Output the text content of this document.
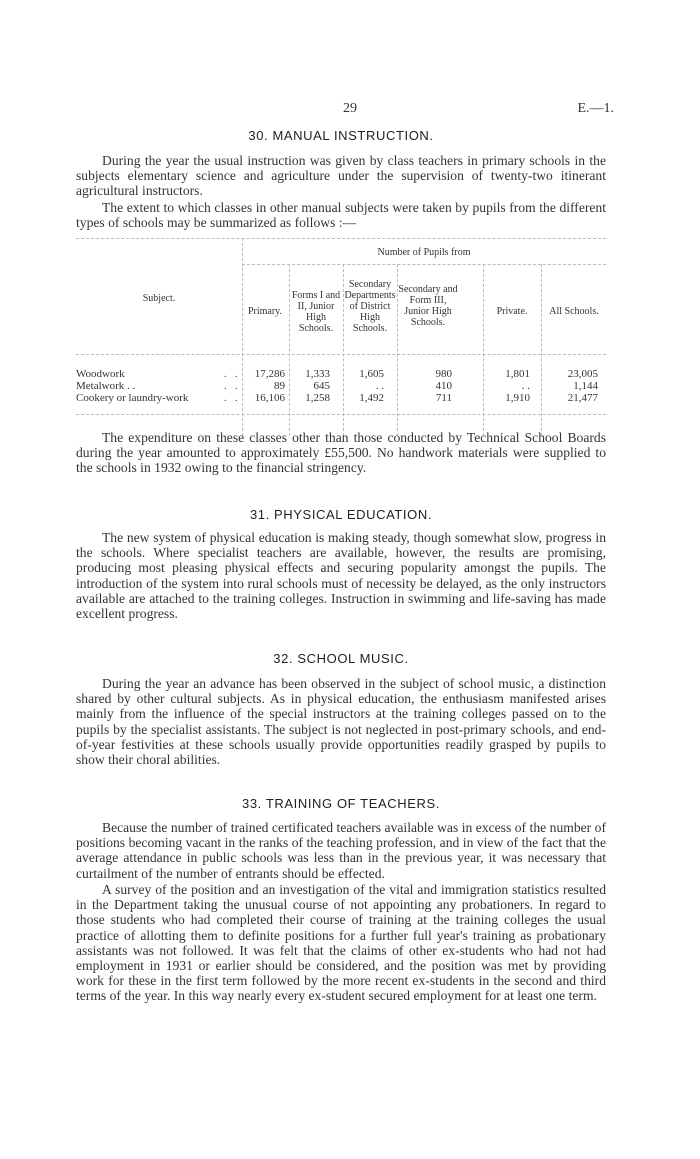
29	E.—1.
30. MANUAL INSTRUCTION.

During the year the usual instruction was given by class teachers in primary schools in the subjects elementary science and agriculture under the supervision of twenty-two itinerant agricultural instructors.

The extent to which classes in other manual subjects were taken by pupils from the different types of schools may be summarized as follows :—

Number of Pupils from
Subject.
Primary.
Forms I and II, Junior High Schools.
Secondary Departments of District High Schools.
Secondary and Form III, Junior High Schools.
Private.	All Schools.
Woodwork	. .	17,286	1,333	1,605	980	1,801	23,005
Metalwork . .	. .	89	645	. .	410	. .	1,144
Cookery or laundry-work	. .	16,106	1,258	1,492	711	1,910	21,477

The expenditure on these classes other than those conducted by Technical School Boards during the year amounted to approximately £55,500. No handwork materials were supplied to the schools in 1932 owing to the financial stringency.

31. PHYSICAL EDUCATION.

The new system of physical education is making steady, though somewhat slow, progress in the schools. Where specialist teachers are available, however, the results are promising, producing most pleasing physical effects and securing popularity amongst the pupils. The introduction of the system into rural schools must of necessity be delayed, as the only instructors available are attached to the training colleges. Instruction in swimming and life-saving has made excellent progress.

32. SCHOOL MUSIC.

During the year an advance has been observed in the subject of school music, a distinction shared by other cultural subjects. As in physical education, the enthusiasm manifested arises mainly from the influence of the special instructors at the training colleges passed on to the pupils by the specialist assistants. The subject is not neglected in post-primary schools, and end-of-year festivities at these schools usually provide opportunities readily grasped by pupils to show their choral abilities.

33. TRAINING OF TEACHERS.

Because the number of trained certificated teachers available was in excess of the number of positions becoming vacant in the ranks of the teaching profession, and in view of the fact that the average attendance in public schools was less than in the previous year, it was necessary that curtailment of the number of entrants should be effected.

A survey of the position and an investigation of the vital and immigration statistics resulted in the Department taking the unusual course of not appointing any probationers. In regard to those students who had completed their course of training at the training colleges the usual practice of allotting them to definite positions for a further full year's training as probationary assistants was not followed. It was felt that the claims of other ex-students who had not had employment in 1931 or earlier should be considered, and the position was met by providing work for these in the first term followed by the more recent ex-students in the second and third terms of the year. In this way nearly every ex-student secured employment for at least one term.
